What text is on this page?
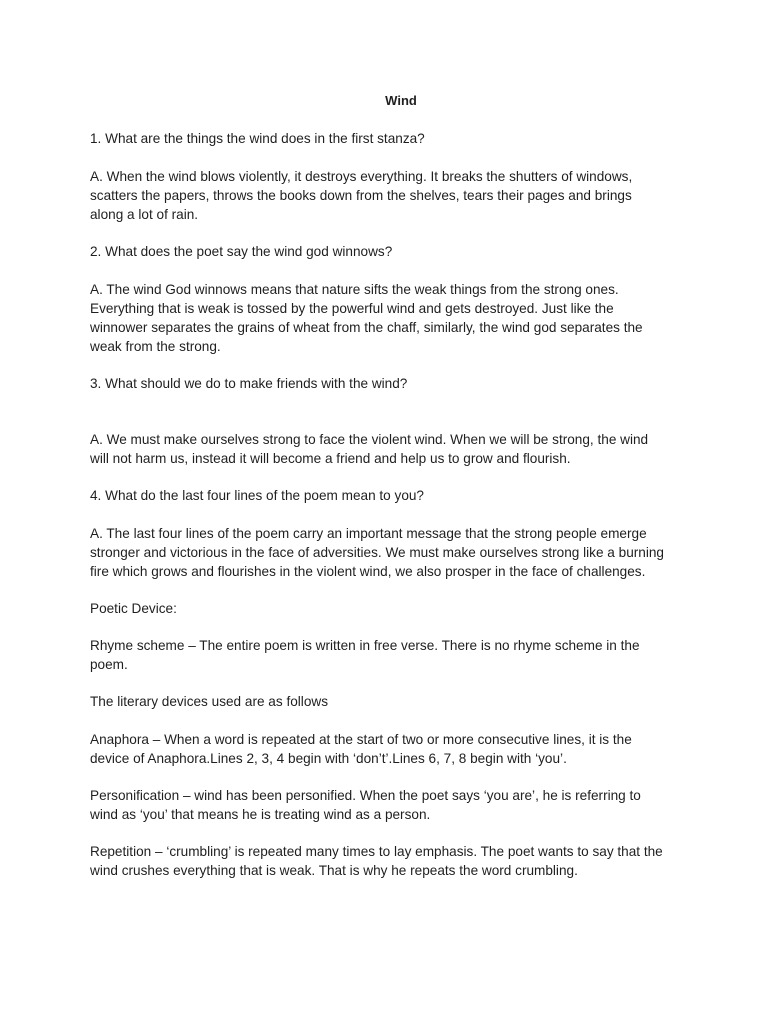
Wind

1. What are the things the wind does in the first stanza?

A. When the wind blows violently, it destroys everything. It breaks the shutters of windows,
scatters the papers, throws the books down from the shelves, tears their pages and brings
along a lot of rain.

2. What does the poet say the wind god winnows?

A. The wind God winnows means that nature sifts the weak things from the strong ones.
Everything that is weak is tossed by the powerful wind and gets destroyed. Just like the
winnower separates the grains of wheat from the chaff, similarly, the wind god separates the
weak from the strong.

3. What should we do to make friends with the wind?

A. We must make ourselves strong to face the violent wind. When we will be strong, the wind
will not harm us, instead it will become a friend and help us to grow and flourish.

4. What do the last four lines of the poem mean to you?

A. The last four lines of the poem carry an important message that the strong people emerge
stronger and victorious in the face of adversities. We must make ourselves strong like a burning
fire which grows and flourishes in the violent wind, we also prosper in the face of challenges.

Poetic Device:

Rhyme scheme – The entire poem is written in free verse. There is no rhyme scheme in the
poem.

The literary devices used are as follows

Anaphora – When a word is repeated at the start of two or more consecutive lines, it is the
device of Anaphora.Lines 2, 3, 4 begin with ‘don’t’.Lines 6, 7, 8 begin with ‘you’.
Personification – wind has been personified. When the poet says ‘you are’, he is referring to
wind as ‘you’ that means he is treating wind as a person.
Repetition – ‘crumbling’ is repeated many times to lay emphasis. The poet wants to say that the
wind crushes everything that is weak. That is why he repeats the word crumbling.
